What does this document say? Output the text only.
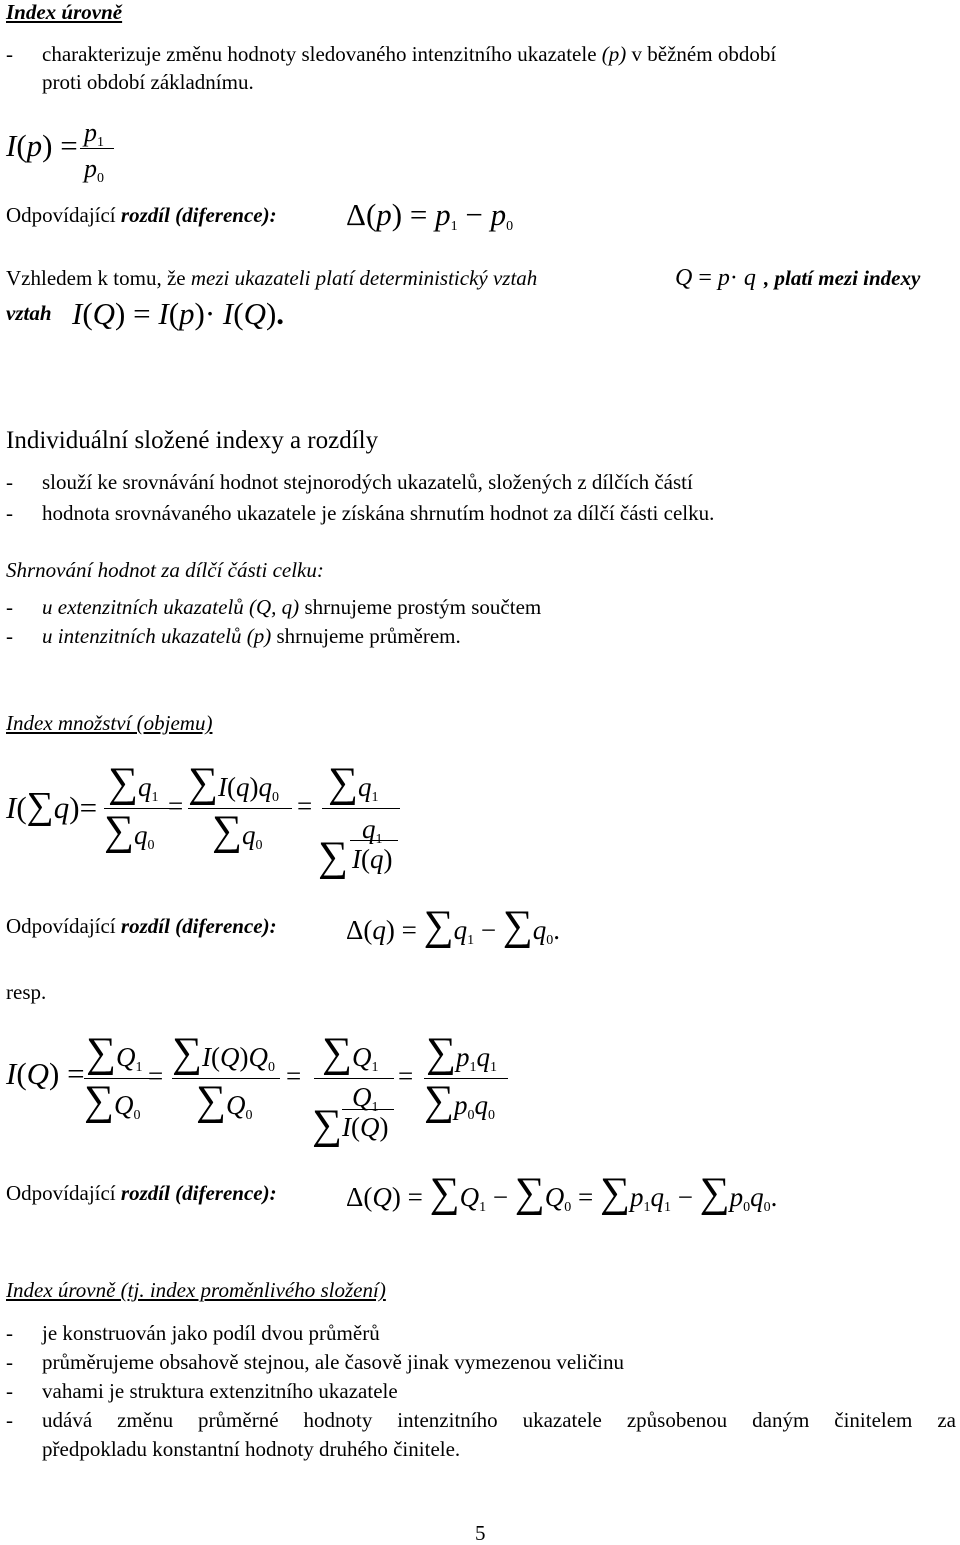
Index úrovně
- charakterizuje změnu hodnoty sledovaného intenzitního ukazatele (p) v běžném období
proti období základnímu.
$I(p) = p_1$
$p_0$
Odpovídající rozdíl (diference): $\Delta(p) = p_1 - p_0$
Vzhledem k tomu, že mezi ukazateli platí deterministický vztah	Q = p· q , platí mezi indexy
vztah I(Q) = I(p)· I(Q).
Individuální složené indexy a rozdíly
- slouží ke srovnávání hodnot stejnorodých ukazatelů, složených z dílčích částí
- hodnota srovnávaného ukazatele je získána shrnutím hodnot za dílčí části celku.
Shrnování hodnot za dílčí části celku:
- u extenzitních ukazatelů (Q, q) shrnujeme prostým součtem
- u intenzitních ukazatelů (p) shrnujeme průměrem.
Index množství (objemu)
I(∑q)=
$\sum q_1$
$\sum q_0$
= $\sum I(q)q_0$
$\sum q_0$
= $\sum q_1$
∑
$q_1$
I(q)
Odpovídající rozdíl (diference):	$\Delta(q) = \sum q_1 - \sum q_0$.
resp.
$I(Q) = \sum Q_1$
$\sum Q_0$
= $\sum I(Q)Q_0$
$\sum Q_0$
= $\sum Q_1$
∑
$Q_1$
I(Q)
= $\sum p_1q_1$
$\sum p_0q_0$
Odpovídající rozdíl (diference):	$\Delta(Q) = \sum Q_1 - \sum Q_0 = \sum p_1q_1 - \sum p_0q_0$.
Index úrovně (tj. index proměnlivého složení)
- je konstruován jako podíl dvou průměrů
- průměrujeme obsahově stejnou, ale časově jinak vymezenou veličinu
- vahami je struktura extenzitního ukazatele
- udává změnu průměrné hodnoty intenzitního ukazatele způsobenou daným činitelem za
předpokladu konstantní hodnoty druhého činitele.
5
